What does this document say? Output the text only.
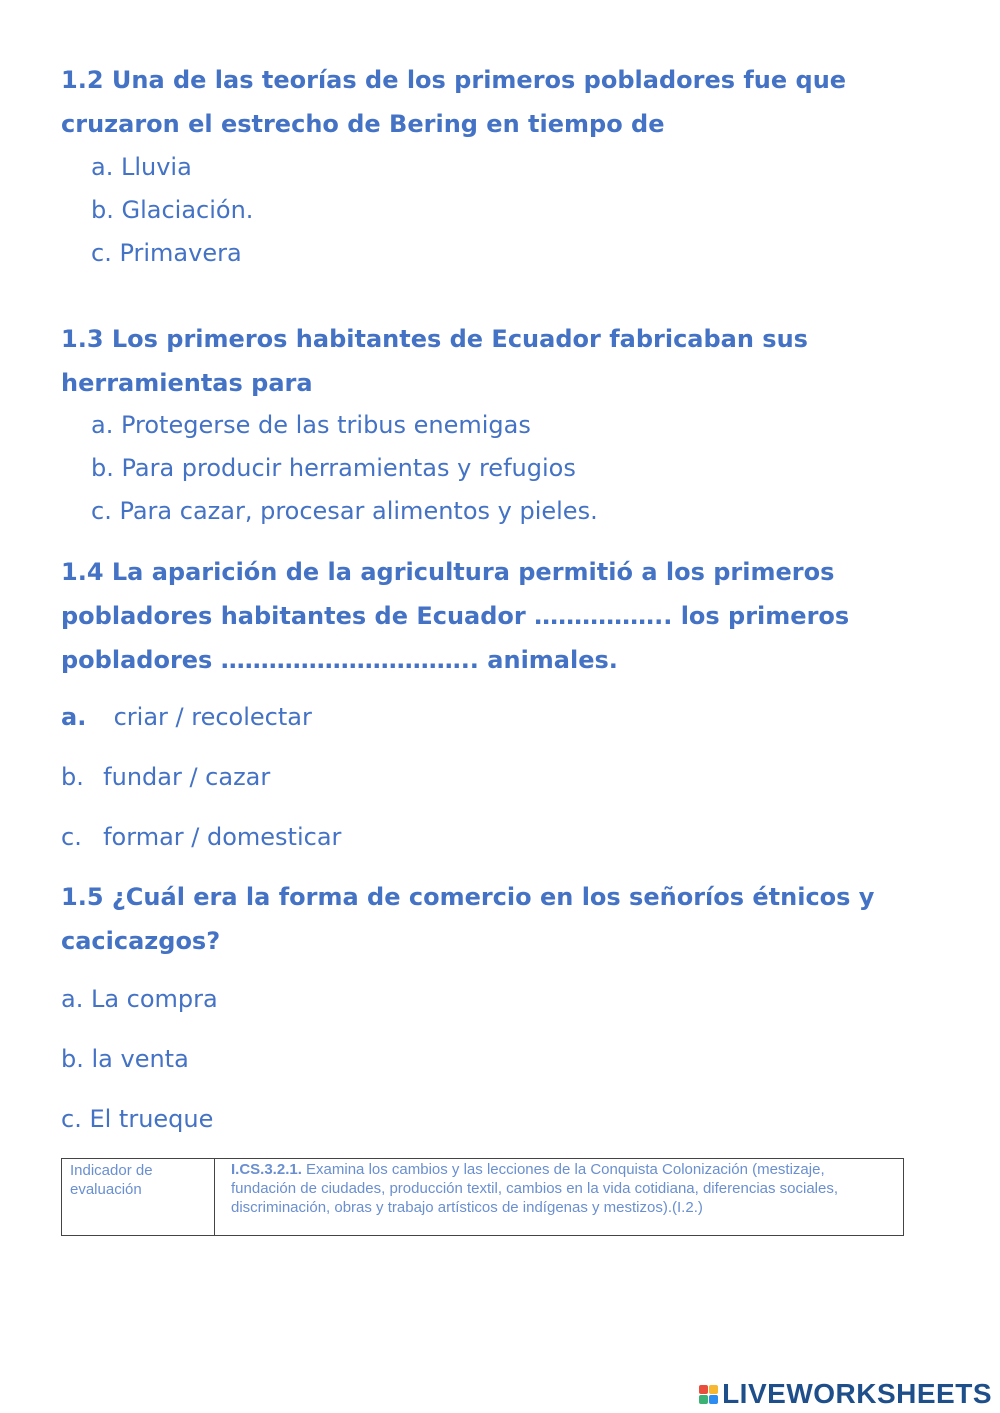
1.2 Una de las teorías de los primeros pobladores fue que cruzaron el estrecho de Bering en tiempo de

a. Lluvia
b. Glaciación.
c. Primavera

1.3 Los primeros habitantes de Ecuador fabricaban sus herramientas para

a. Protegerse de las tribus enemigas
b. Para producir herramientas y refugios
c. Para cazar, procesar alimentos y pieles.

1.4 La aparición de la agricultura permitió a los primeros pobladores habitantes de Ecuador …………….. los primeros pobladores ………………………….. animales.

a. criar / recolectar
b. fundar / cazar
c. formar / domesticar

1.5 ¿Cuál era la forma de comercio en los señoríos étnicos y cacicazgos?

a. La compra
b. la venta
c. El trueque
Indicador de evaluación
I.CS.3.2.1. Examina los cambios y las lecciones de la Conquista Colonización (mestizaje, fundación de ciudades, producción textil, cambios en la vida cotidiana, diferencias sociales, discriminación, obras y trabajo artísticos de indígenas y mestizos).(I.2.)
LIVEWORKSHEETS
